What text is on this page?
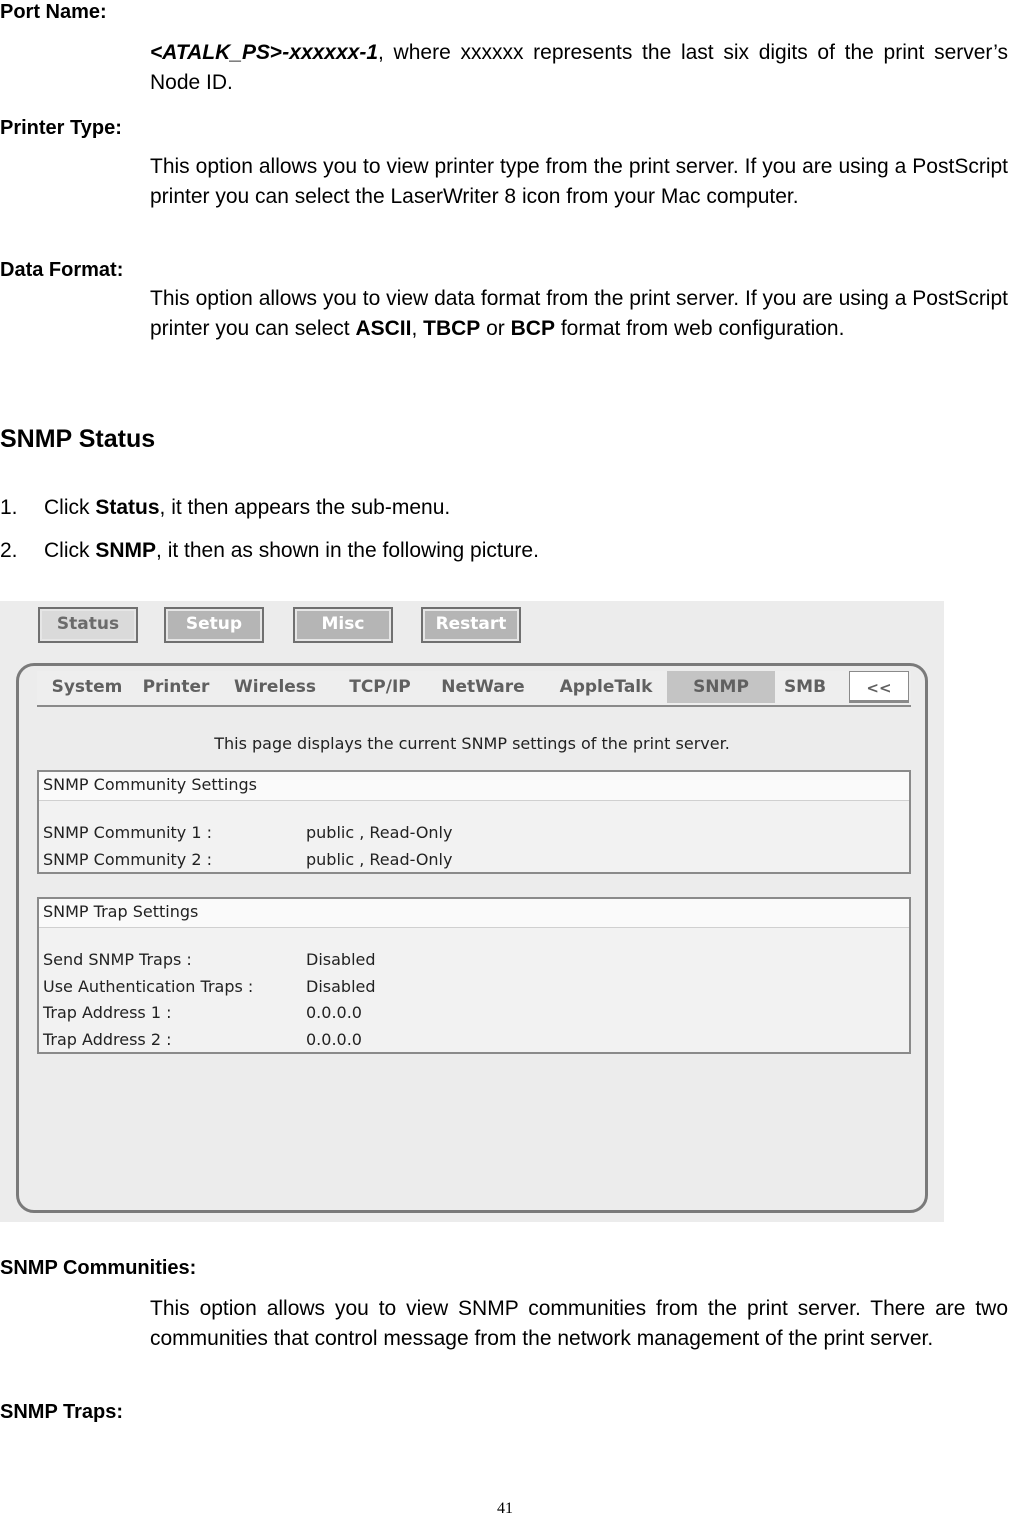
Port Name:
<ATALK_PS>-xxxxxx-1, where xxxxxx represents the last six digits of the print server’s Node ID.
Printer Type:
This option allows you to view printer type from the print server. If you are using a PostScript printer you can select the LaserWriter 8 icon from your Mac computer.
Data Format:
This option allows you to view data format from the print server. If you are using a PostScript printer you can select ASCII, TBCP or BCP format from web configuration.
SNMP Status
1. Click Status, it then appears the sub-menu.
2. Click SNMP, it then as shown in the following picture.
Status	Setup	Misc	Restart
System	Printer	Wireless	TCP/IP	NetWare	AppleTalk	SNMP	SMB	<<
This page displays the current SNMP settings of the print server.
SNMP Community Settings
SNMP Community 1 :	public , Read-Only
SNMP Community 2 :	public , Read-Only
SNMP Trap Settings
Send SNMP Traps :	Disabled
Use Authentication Traps :	Disabled
Trap Address 1 :	0.0.0.0
Trap Address 2 :	0.0.0.0
SNMP Communities:
This option allows you to view SNMP communities from the print server. There are two communities that control message from the network management of the print server.
SNMP Traps:
41
